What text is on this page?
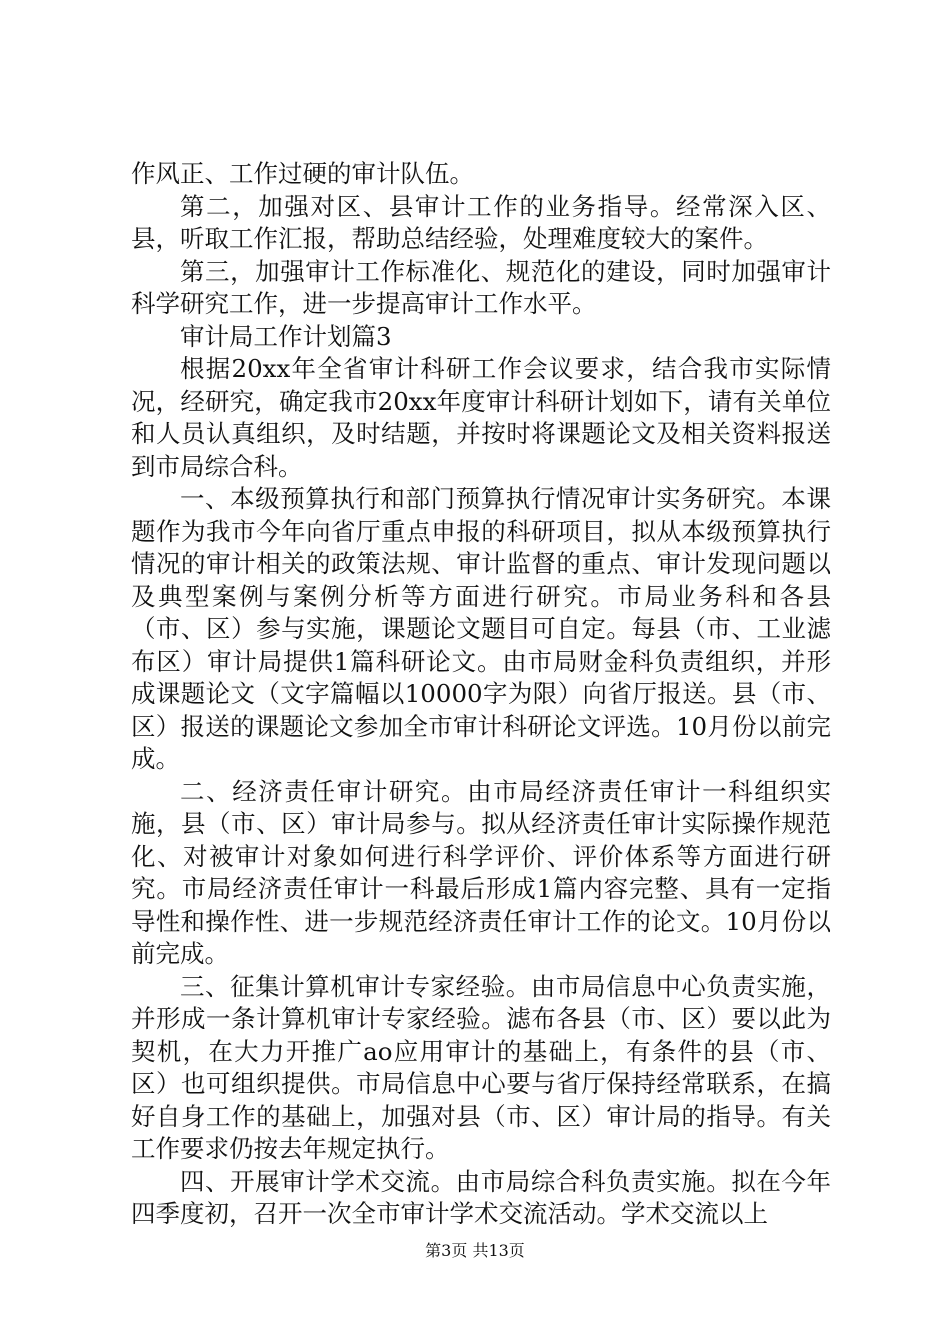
作风正、工作过硬的审计队伍。

第二，加强对区、县审计工作的业务指导。经常深入区、县，听取工作汇报，帮助总结经验，处理难度较大的案件。

第三，加强审计工作标准化、规范化的建设，同时加强审计科学研究工作，进一步提高审计工作水平。

审计局工作计划篇3

根据20xx年全省审计科研工作会议要求，结合我市实际情况，经研究，确定我市20xx年度审计科研计划如下，请有关单位和人员认真组织，及时结题，并按时将课题论文及相关资料报送到市局综合科。

一、本级预算执行和部门预算执行情况审计实务研究。本课题作为我市今年向省厅重点申报的科研项目，拟从本级预算执行情况的审计相关的政策法规、审计监督的重点、审计发现问题以及典型案例与案例分析等方面进行研究。市局业务科和各县（市、区）参与实施，课题论文题目可自定。每县（市、工业滤布区）审计局提供1篇科研论文。由市局财金科负责组织，并形成课题论文（文字篇幅以10000字为限）向省厅报送。县（市、区）报送的课题论文参加全市审计科研论文评选。10月份以前完成。

二、经济责任审计研究。由市局经济责任审计一科组织实施，县（市、区）审计局参与。拟从经济责任审计实际操作规范化、对被审计对象如何进行科学评价、评价体系等方面进行研究。市局经济责任审计一科最后形成1篇内容完整、具有一定指导性和操作性、进一步规范经济责任审计工作的论文。10月份以前完成。

三、征集计算机审计专家经验。由市局信息中心负责实施，并形成一条计算机审计专家经验。滤布各县（市、区）要以此为契机，在大力开推广ao应用审计的基础上，有条件的县（市、区）也可组织提供。市局信息中心要与省厅保持经常联系，在搞好自身工作的基础上，加强对县（市、区）审计局的指导。有关工作要求仍按去年规定执行。

四、开展审计学术交流。由市局综合科负责实施。拟在今年四季度初，召开一次全市审计学术交流活动。学术交流以上

第3页 共13页
